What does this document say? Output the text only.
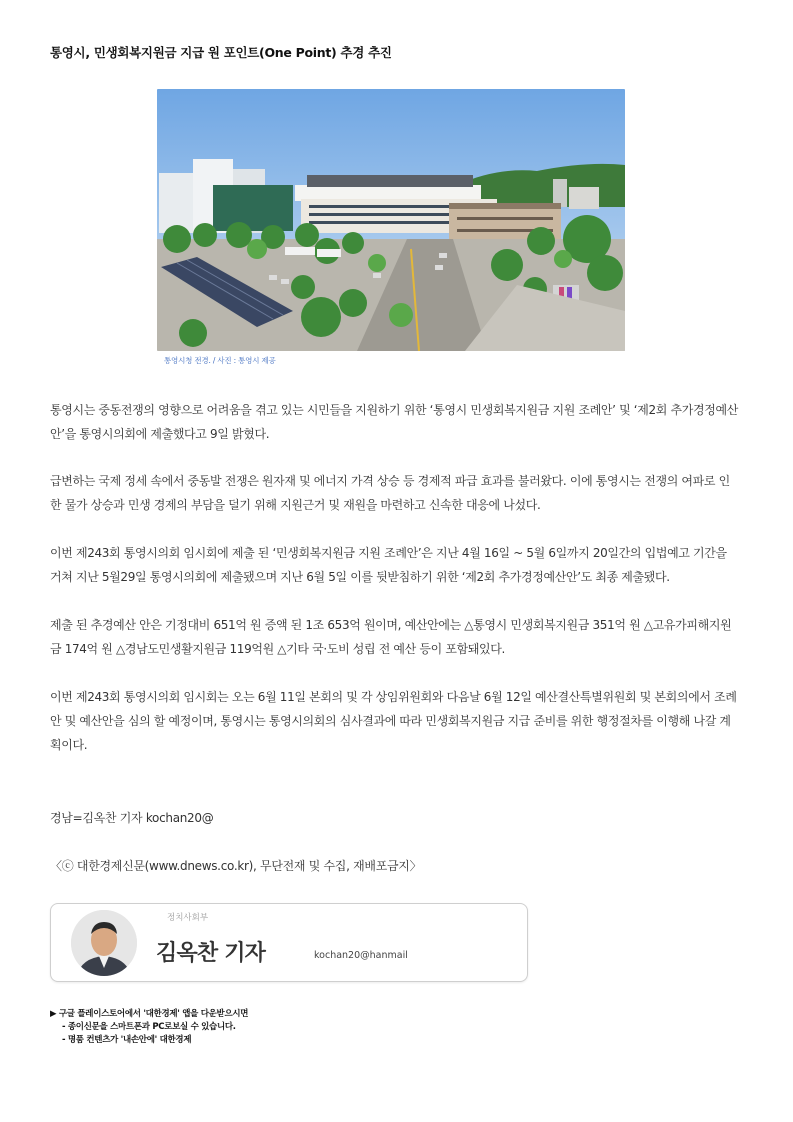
통영시, 민생회복지원금 지급 원 포인트(One Point) 추경 추진
통영시청 전경. / 사진 : 통영시 제공

통영시는 중동전쟁의 영향으로 어려움을 겪고 있는 시민들을 지원하기 위한 ‘통영시 민생회복지원금 지원 조례안’ 및 ‘제2회 추가경정예산안’을 통영시의회에 제출했다고 9일 밝혔다.

급변하는 국제 정세 속에서 중동발 전쟁은 원자재 및 에너지 가격 상승 등 경제적 파급 효과를 불러왔다. 이에 통영시는 전쟁의 여파로 인한 물가 상승과 민생 경제의 부담을 덜기 위해 지원근거 및 재원을 마련하고 신속한 대응에 나섰다.

이번 제243회 통영시의회 임시회에 제출 된 ‘민생회복지원금 지원 조례안’은 지난 4월 16일 ~ 5월 6일까지 20일간의 입법예고 기간을 거쳐 지난 5월29일 통영시의회에 제출됐으며 지난 6월 5일 이를 뒷받침하기 위한 ‘제2회 추가경정예산안’도 최종 제출됐다.

제출 된 추경예산 안은 기정대비 651억 원 증액 된 1조 653억 원이며, 예산안에는 △통영시 민생회복지원금 351억 원 △고유가피해지원금 174억 원 △경남도민생활지원금 119억원 △기타 국·도비 성립 전 예산 등이 포함돼있다.

이번 제243회 통영시의회 임시회는 오는 6월 11일 본회의 및 각 상임위원회와 다음날 6월 12일 예산결산특별위원회 및 본회의에서 조례안 및 예산안을 심의 할 예정이며, 통영시는 통영시의회의 심사결과에 따라 민생회복지원금 지급 준비를 위한 행정절차를 이행해 나갈 계획이다.

경남=김옥찬 기자 kochan20@
〈ⓒ 대한경제신문(www.dnews.co.kr), 무단전재 및 수집, 재배포금지〉
정치사회부
김옥찬 기자	kochan20@hanmail
▶ 구글 플레이스토어에서 '대한경제' 앱을 다운받으시면
- 종이신문을 스마트폰과 PC로보실 수 있습니다.
- 명품 컨텐츠가 '내손안에' 대한경제
